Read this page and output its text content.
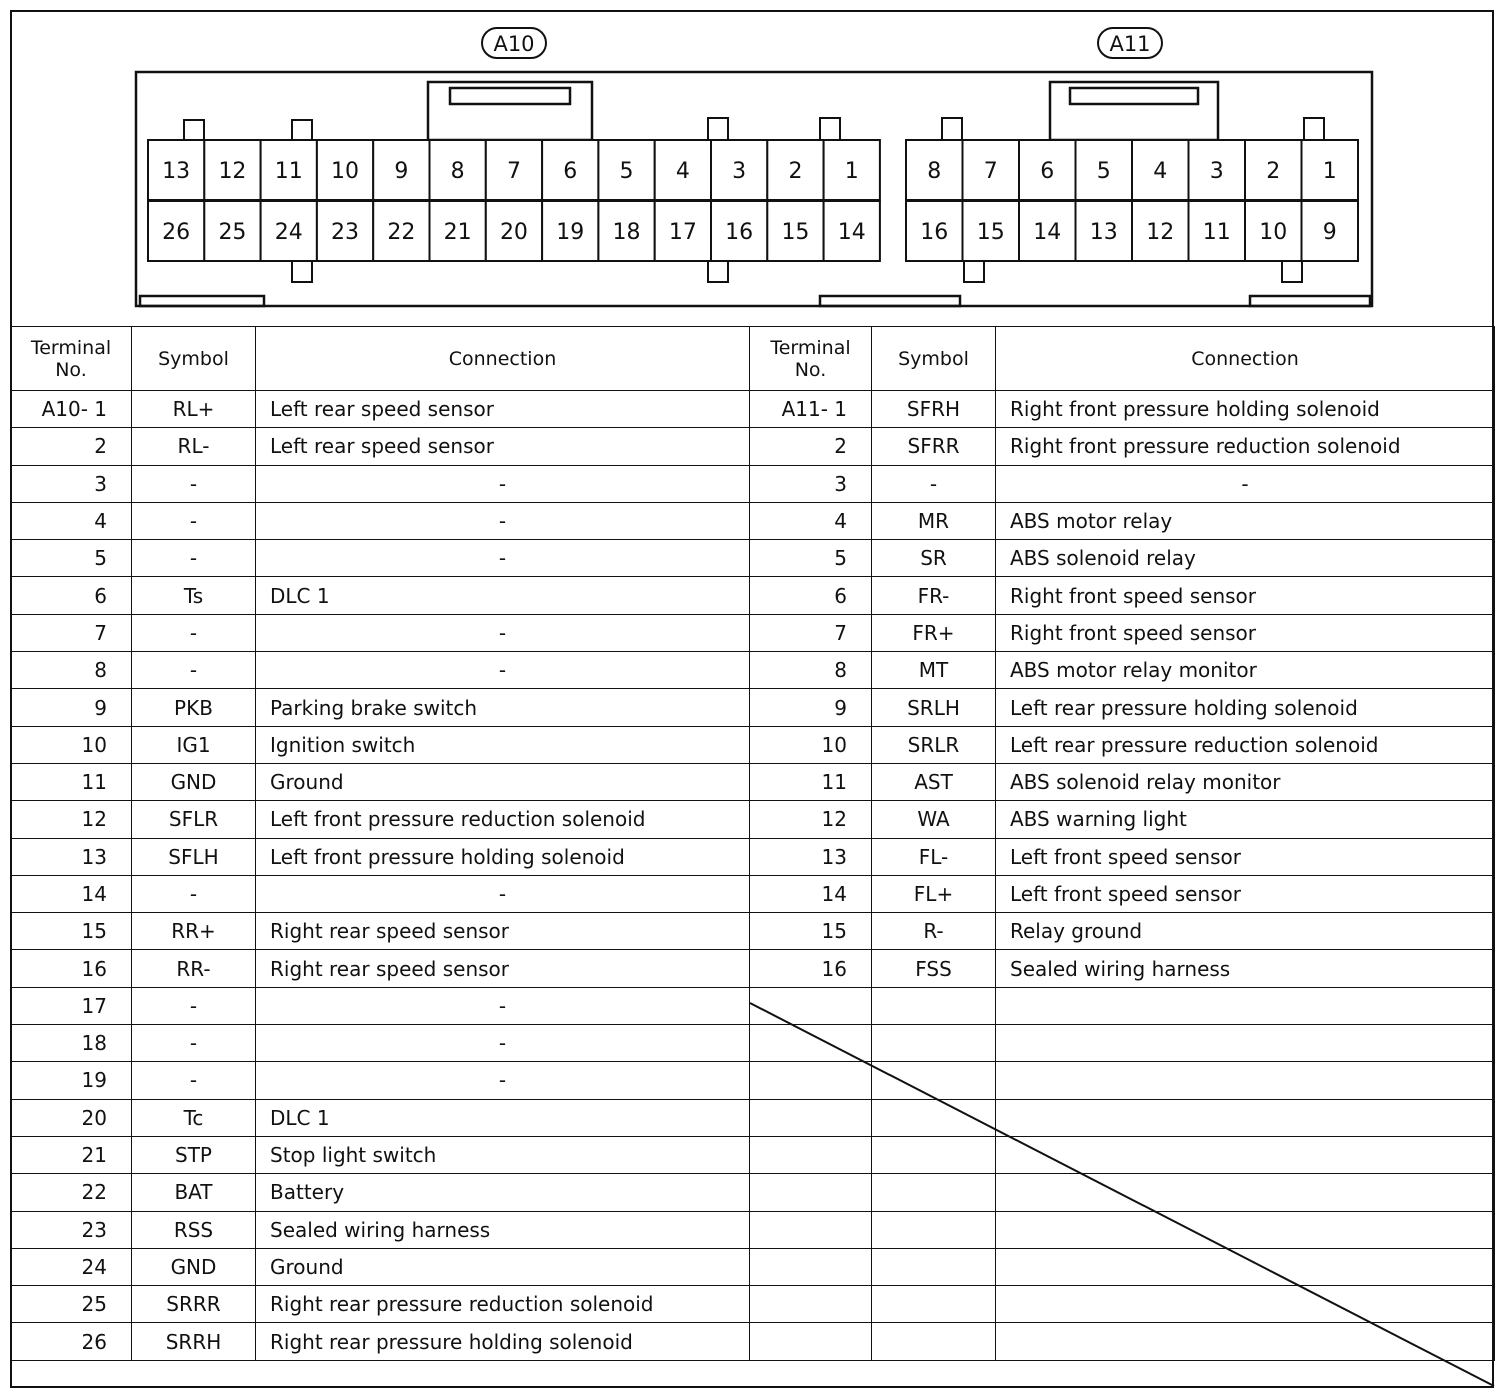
A10	A11
13 12 11 10 9 8 7 6 5 4 3 2 1
26 25 24 23 22 21 20 19 18 17 16 15 14
8 7 6 5 4 3 2 1
16 15 14 13 12 11 10 9
Terminal No.	Symbol	Connection	Terminal No.	Symbol	Connection
A10- 1	RL+	Left rear speed sensor	A11- 1	SFRH	Right front pressure holding solenoid
2	RL-	Left rear speed sensor	2	SFRR	Right front pressure reduction solenoid
3	-	-	3	-	-
4	-	-	4	MR	ABS motor relay
5	-	-	5	SR	ABS solenoid relay
6	Ts	DLC 1	6	FR-	Right front speed sensor
7	-	-	7	FR+	Right front speed sensor
8	-	-	8	MT	ABS motor relay monitor
9	PKB	Parking brake switch	9	SRLH	Left rear pressure holding solenoid
10	IG1	Ignition switch	10	SRLR	Left rear pressure reduction solenoid
11	GND	Ground	11	AST	ABS solenoid relay monitor
12	SFLR	Left front pressure reduction solenoid	12	WA	ABS warning light
13	SFLH	Left front pressure holding solenoid	13	FL-	Left front speed sensor
14	-	-	14	FL+	Left front speed sensor
15	RR+	Right rear speed sensor	15	R-	Relay ground
16	RR-	Right rear speed sensor	16	FSS	Sealed wiring harness
17	-	-			
18	-	-			
19	-	-			
20	Tc	DLC 1			
21	STP	Stop light switch			
22	BAT	Battery			
23	RSS	Sealed wiring harness			
24	GND	Ground			
25	SRRR	Right rear pressure reduction solenoid			
26	SRRH	Right rear pressure holding solenoid			
